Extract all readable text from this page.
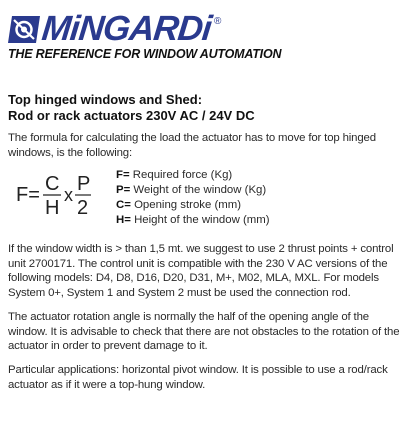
MiNGARDi ®
THE REFERENCE FOR WINDOW AUTOMATION
Top hinged windows and Shed:
Rod or rack actuators 230V AC / 24V DC
The formula for calculating the load the actuator has to move for top hinged windows, is the following:
F= C
H
x P
2
F= Required force (Kg)
P= Weight of the window (Kg)
C= Opening stroke (mm)
H= Height of the window (mm)
If the window width is > than 1,5 mt. we suggest to use 2 thrust points + control unit 2700171. The control unit is compatible with the 230 V AC versions of the following models: D4, D8, D16, D20, D31, M+, M02, MLA, MXL. For models System 0+, System 1 and System 2 must be used the connection rod.
The actuator rotation angle is normally the half of the opening angle of the window. It is advisable to check that there are not obstacles to the rotation of the actuator in order to prevent damage to it.
Particular applications: horizontal pivot window. It is possible to use a rod/rack actuator as if it were a top-hung window.
